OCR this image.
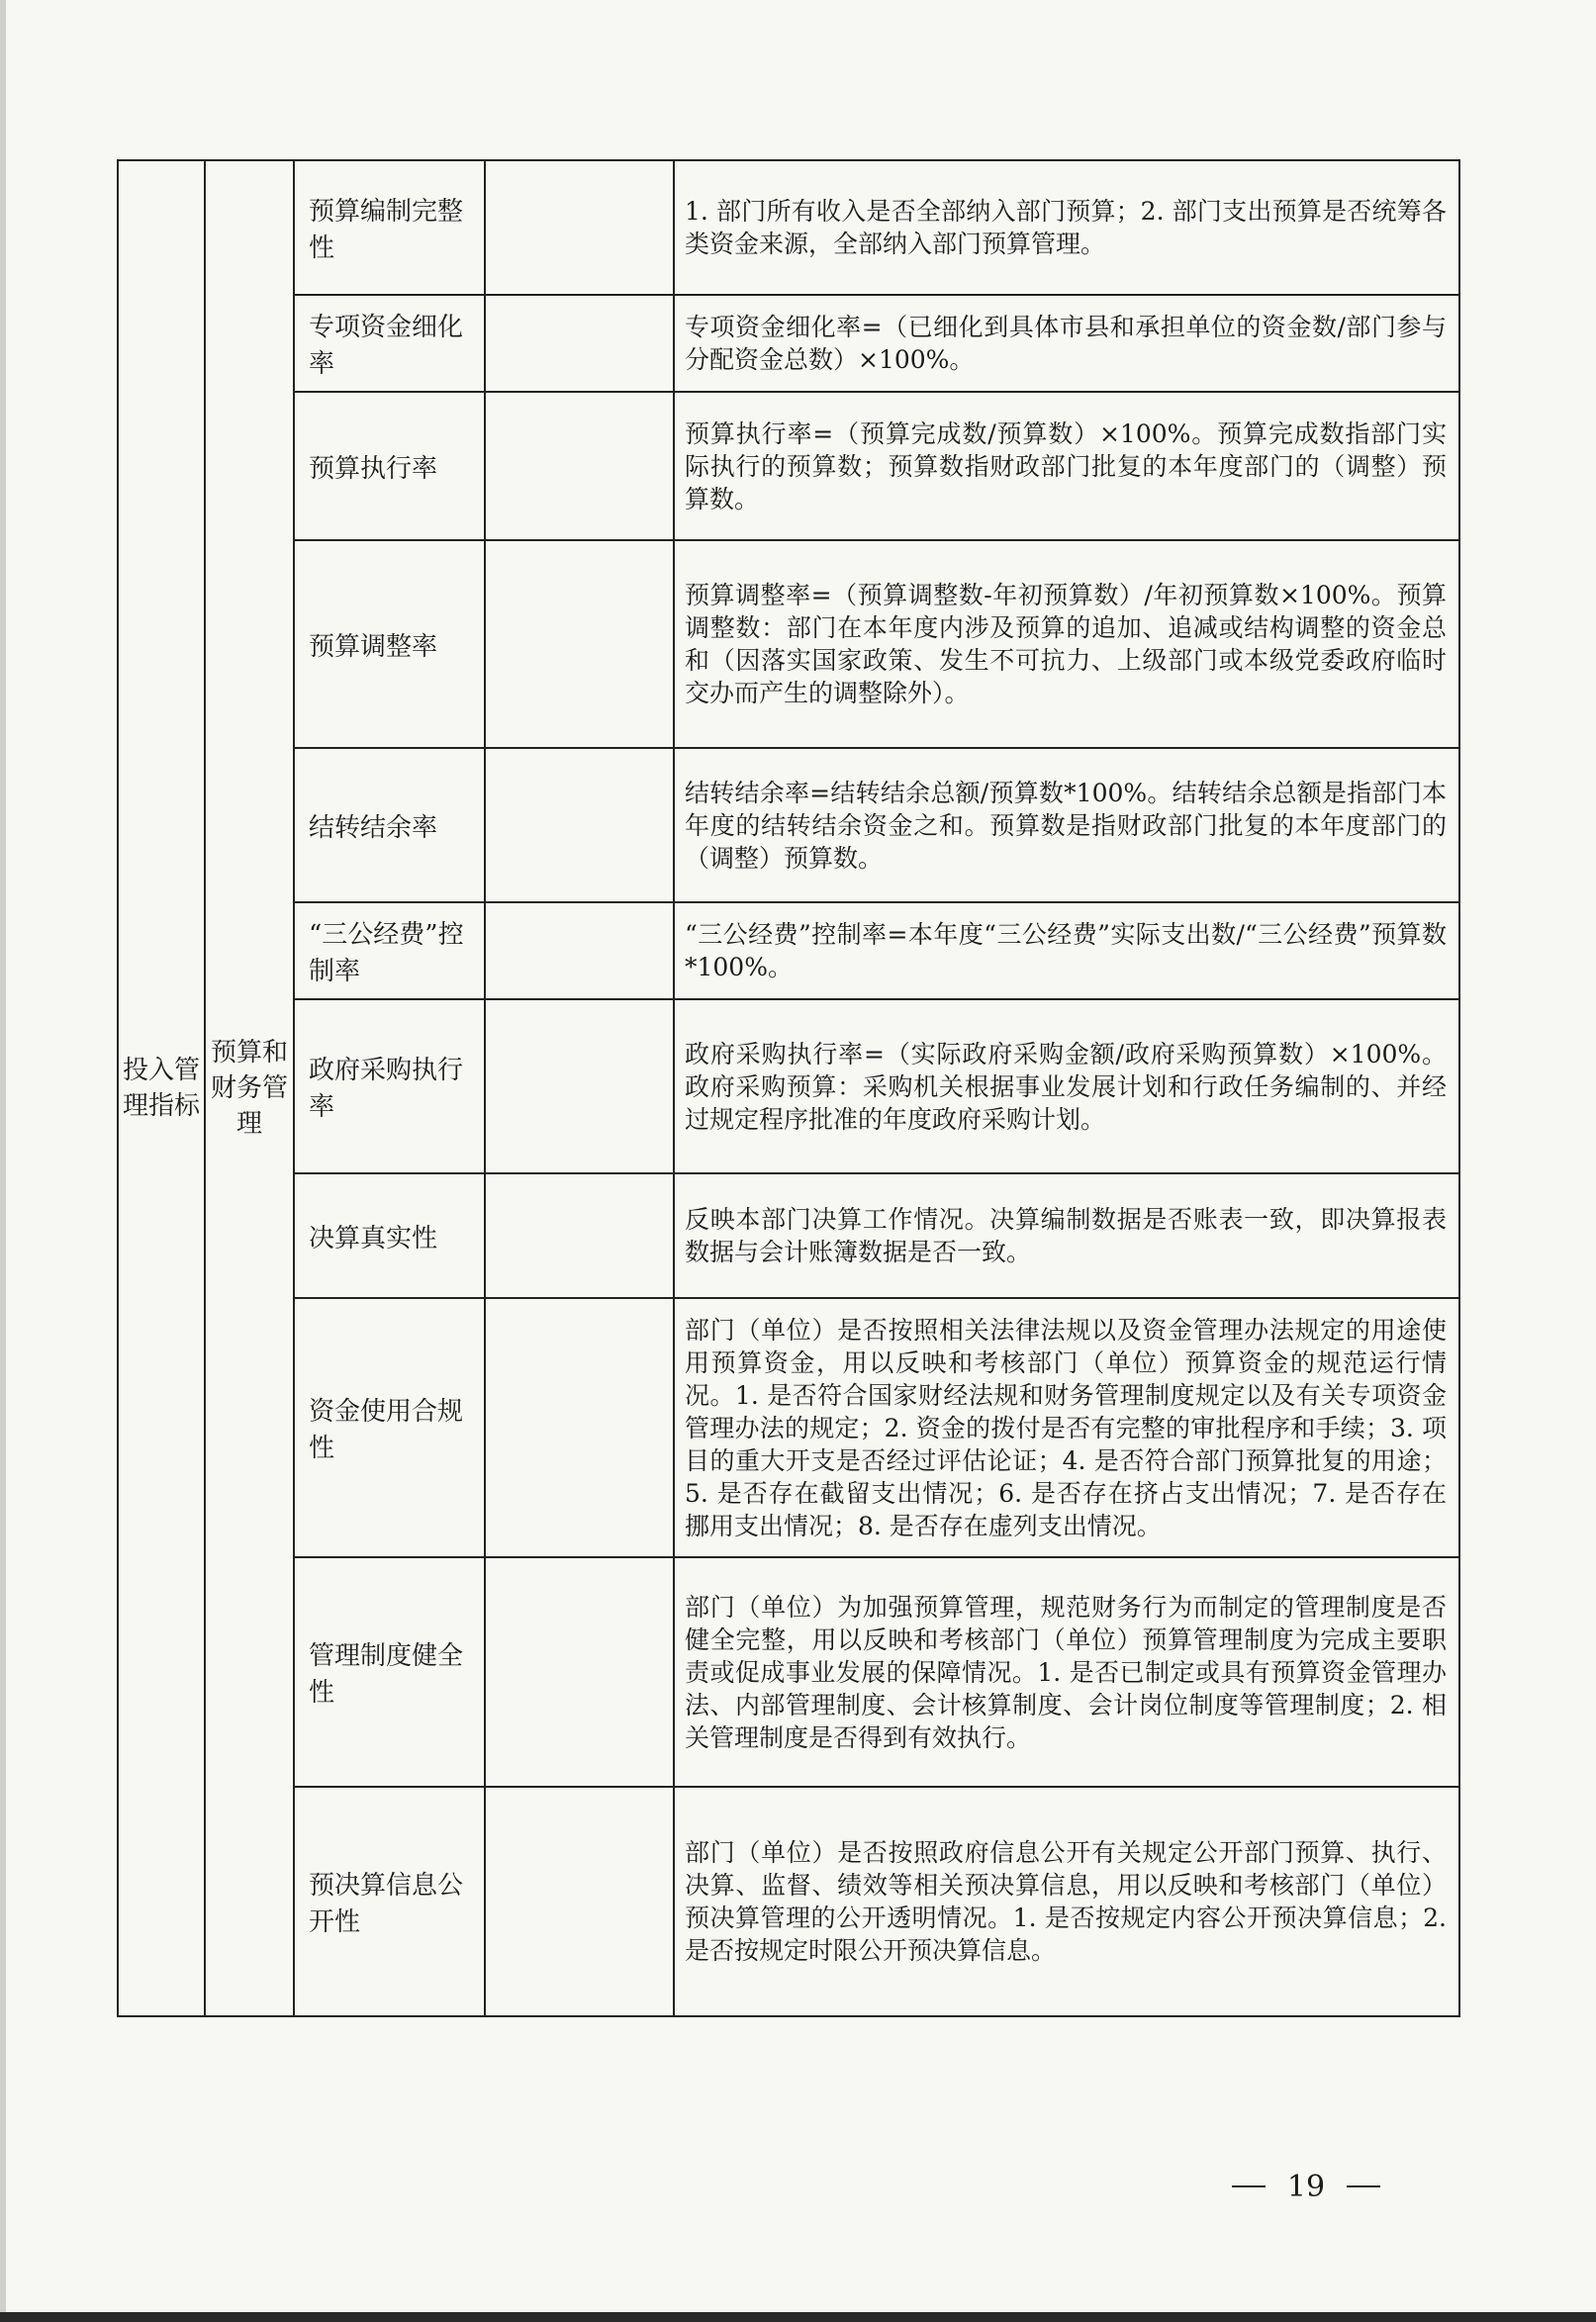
投入管理指标	预算和财务管理	预算编制完整性		1. 部门所有收入是否全部纳入部门预算；2. 部门支出预算是否统筹各类资金来源，全部纳入部门预算管理。
		专项资金细化率		专项资金细化率=（已细化到具体市县和承担单位的资金数/部门参与分配资金总数）×100%。
		预算执行率		预算执行率=（预算完成数/预算数）×100%。预算完成数指部门实际执行的预算数；预算数指财政部门批复的本年度部门的（调整）预算数。
		预算调整率		预算调整率=（预算调整数-年初预算数）/年初预算数×100%。预算调整数：部门在本年度内涉及预算的追加、追减或结构调整的资金总和（因落实国家政策、发生不可抗力、上级部门或本级党委政府临时交办而产生的调整除外）。
		结转结余率		结转结余率=结转结余总额/预算数*100%。结转结余总额是指部门本年度的结转结余资金之和。预算数是指财政部门批复的本年度部门的（调整）预算数。
		“三公经费”控制率		“三公经费”控制率=本年度“三公经费”实际支出数/“三公经费”预算数*100%。
		政府采购执行率		政府采购执行率=（实际政府采购金额/政府采购预算数）×100%。政府采购预算：采购机关根据事业发展计划和行政任务编制的、并经过规定程序批准的年度政府采购计划。
		决算真实性		反映本部门决算工作情况。决算编制数据是否账表一致，即决算报表数据与会计账簿数据是否一致。
		资金使用合规性		部门（单位）是否按照相关法律法规以及资金管理办法规定的用途使用预算资金，用以反映和考核部门（单位）预算资金的规范运行情况。1. 是否符合国家财经法规和财务管理制度规定以及有关专项资金管理办法的规定；2. 资金的拨付是否有完整的审批程序和手续；3. 项目的重大开支是否经过评估论证；4. 是否符合部门预算批复的用途；5. 是否存在截留支出情况；6. 是否存在挤占支出情况；7. 是否存在挪用支出情况；8. 是否存在虚列支出情况。
		管理制度健全性		部门（单位）为加强预算管理，规范财务行为而制定的管理制度是否健全完整，用以反映和考核部门（单位）预算管理制度为完成主要职责或促成事业发展的保障情况。1. 是否已制定或具有预算资金管理办法、内部管理制度、会计核算制度、会计岗位制度等管理制度；2. 相关管理制度是否得到有效执行。
		预决算信息公开性		部门（单位）是否按照政府信息公开有关规定公开部门预算、执行、决算、监督、绩效等相关预决算信息，用以反映和考核部门（单位）预决算管理的公开透明情况。1. 是否按规定内容公开预决算信息；2. 是否按规定时限公开预决算信息。
19
